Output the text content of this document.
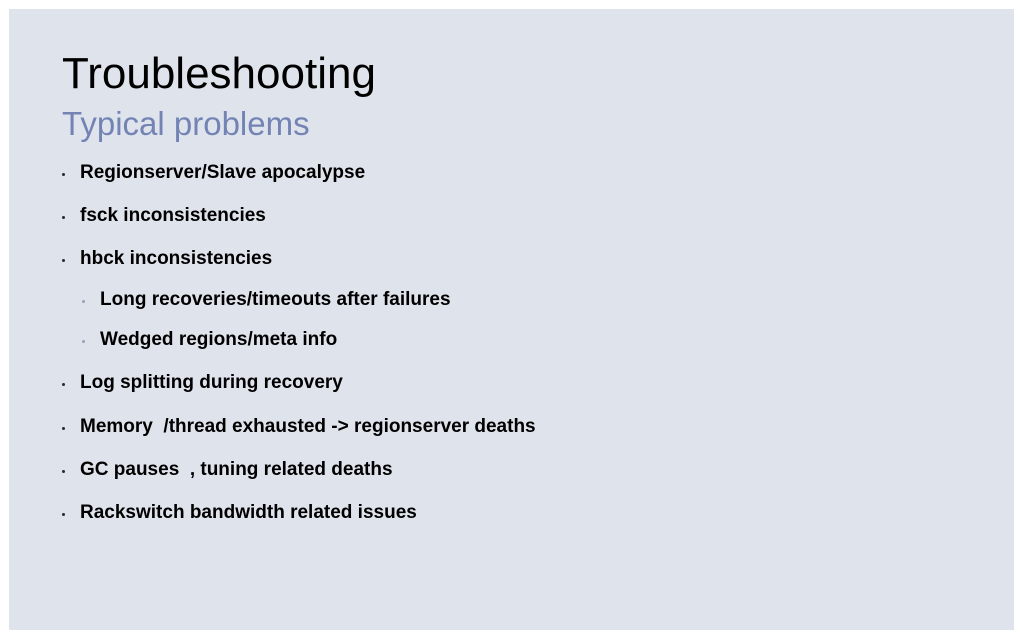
Troubleshooting
Typical problems
Regionserver/Slave apocalypse
fsck inconsistencies
hbck inconsistencies
Long recoveries/timeouts after failures
Wedged regions/meta info
Log splitting during recovery
Memory  /thread exhausted -> regionserver deaths
GC pauses  , tuning related deaths
Rackswitch bandwidth related issues
